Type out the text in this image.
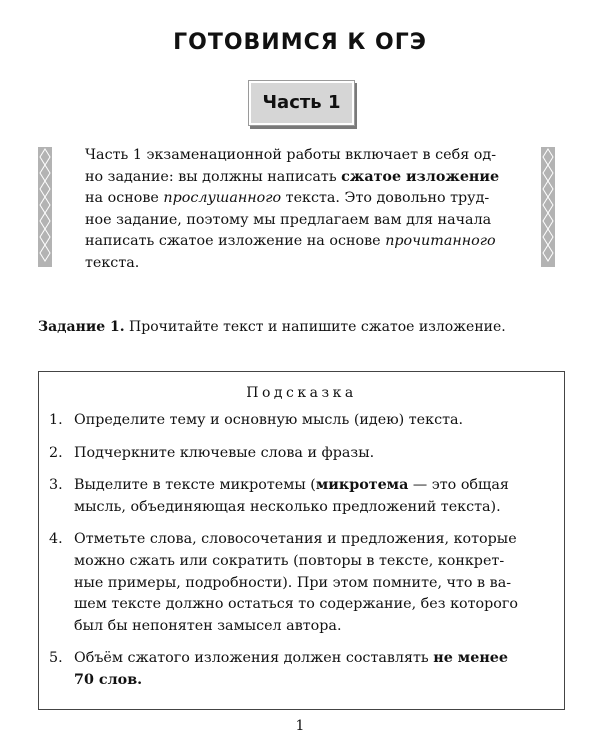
ГОТОВИМСЯ К ОГЭ
Часть 1
Часть 1 экзаменационной работы включает в себя од-
но задание: вы должны написать сжатое изложение
на основе прослушанного текста. Это довольно труд-
ное задание, поэтому мы предлагаем вам для начала
написать сжатое изложение на основе прочитанного
текста.
Задание 1. Прочитайте текст и напишите сжатое изложение.
Подсказка
1. Определите тему и основную мысль (идею) текста.
2. Подчеркните ключевые слова и фразы.
3. Выделите в тексте микротемы (микротема — это общая
мысль, объединяющая несколько предложений текста).
4. Отметьте слова, словосочетания и предложения, которые
можно сжать или сократить (повторы в тексте, конкрет-
ные примеры, подробности). При этом помните, что в ва-
шем тексте должно остаться то содержание, без которого
был бы непонятен замысел автора.
5. Объём сжатого изложения должен составлять не менее
70 слов.
1
